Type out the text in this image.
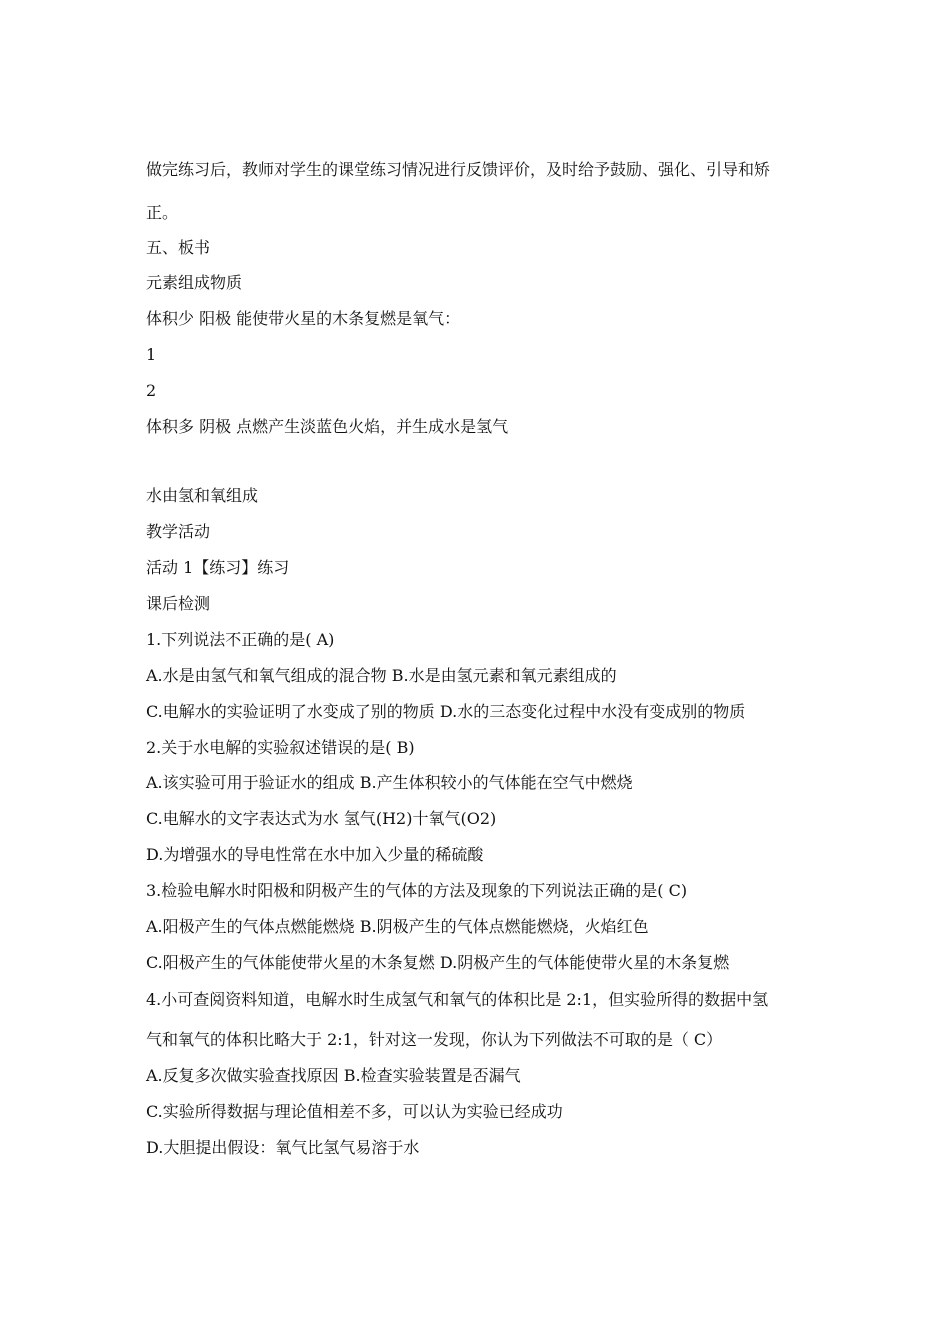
做完练习后，教师对学生的课堂练习情况进行反馈评价，及时给予鼓励、强化、引导和矫
正。
五、板书
元素组成物质
体积少 阳极 能使带火星的木条复燃是氧气：
1
2
体积多 阴极 点燃产生淡蓝色火焰，并生成水是氢气
水由氢和氧组成
教学活动
活动 1【练习】练习
课后检测
1.下列说法不正确的是( A)
A.水是由氢气和氧气组成的混合物 B.水是由氢元素和氧元素组成的
C.电解水的实验证明了水变成了别的物质 D.水的三态变化过程中水没有变成别的物质
2.关于水电解的实验叙述错误的是( B)
A.该实验可用于验证水的组成 B.产生体积较小的气体能在空气中燃烧
C.电解水的文字表达式为水 氢气(H2)十氧气(O2)
D.为增强水的导电性常在水中加入少量的稀硫酸
3.检验电解水时阳极和阴极产生的气体的方法及现象的下列说法正确的是( C)
A.阳极产生的气体点燃能燃烧 B.阴极产生的气体点燃能燃烧，火焰红色
C.阳极产生的气体能使带火星的木条复燃 D.阴极产生的气体能使带火星的木条复燃
4.小可查阅资料知道，电解水时生成氢气和氧气的体积比是 2:1，但实验所得的数据中氢
气和氧气的体积比略大于 2:1，针对这一发现，你认为下列做法不可取的是（ C）
A.反复多次做实验查找原因 B.检查实验装置是否漏气
C.实验所得数据与理论值相差不多，可以认为实验已经成功
D.大胆提出假设：氧气比氢气易溶于水
